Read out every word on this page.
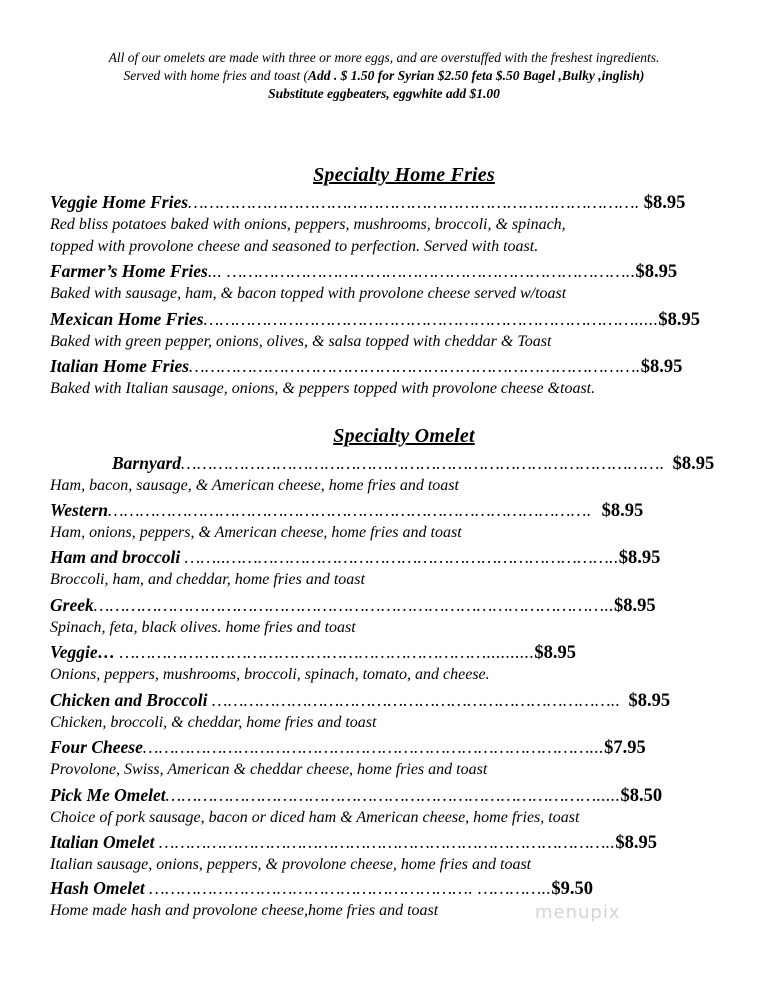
All of our omelets are made with three or more eggs, and are overstuffed with the freshest ingredients.
Served with home fries and toast (Add . $ 1.50 for Syrian $2.50 feta $.50 Bagel ,Bulky ,inglish)
Substitute eggbeaters, eggwhite add $1.00
Specialty Home Fries
Veggie Home Fries…………………………………………………………………………. $8.95
Red bliss potatoes baked with onions, peppers, mushrooms, broccoli, & spinach,
topped with provolone cheese and seasoned to perfection. Served with toast.
Farmer’s Home Fries... …………………………………………………………………..$8.95
Baked with sausage, ham, & bacon topped with provolone cheese served w/toast
Mexican Home Fries……………………………………………………………………….....$8.95
Baked with green pepper, onions, olives, & salsa topped with cheddar & Toast
Italian Home Fries………………………………………………………………………….$8.95
Baked with Italian sausage, onions, & peppers topped with provolone cheese &toast.
Specialty Omelet
Barnyard………………………………………………………………………………. $8.95
Ham, bacon, sausage, & American cheese, home fries and toast
Western………………………………………………………………………………. $8.95
Ham, onions, peppers, & American cheese, home fries and toast
Ham and broccoli ……..………………………………………………………………..$8.95
Broccoli, ham, and cheddar, home fries and toast
Greek……………………………………………………………………………………..$8.95
Spinach, feta, black olives. home fries and toast
Veggie… ……………………………………………………………..........$8.95
Onions, peppers, mushrooms, broccoli, spinach, tomato, and cheese.
Chicken and Broccoli ………………………………………………………………….. $8.95
Chicken, broccoli, & cheddar, home fries and toast
Four Cheese…………………………………………………………………………...$7.95
Provolone, Swiss, American & cheddar cheese, home fries and toast
Pick Me Omelet……………………………………………………………………….....$8.50
Choice of pork sausage, bacon or diced ham & American cheese, home fries, toast
Italian Omelet …………………………………………………………………………..$8.95
Italian sausage, onions, peppers, & provolone cheese, home fries and toast
Hash Omelet ……………………………………………………. …………..$9.50
Home made hash and provolone cheese,home fries and toast	menupix
